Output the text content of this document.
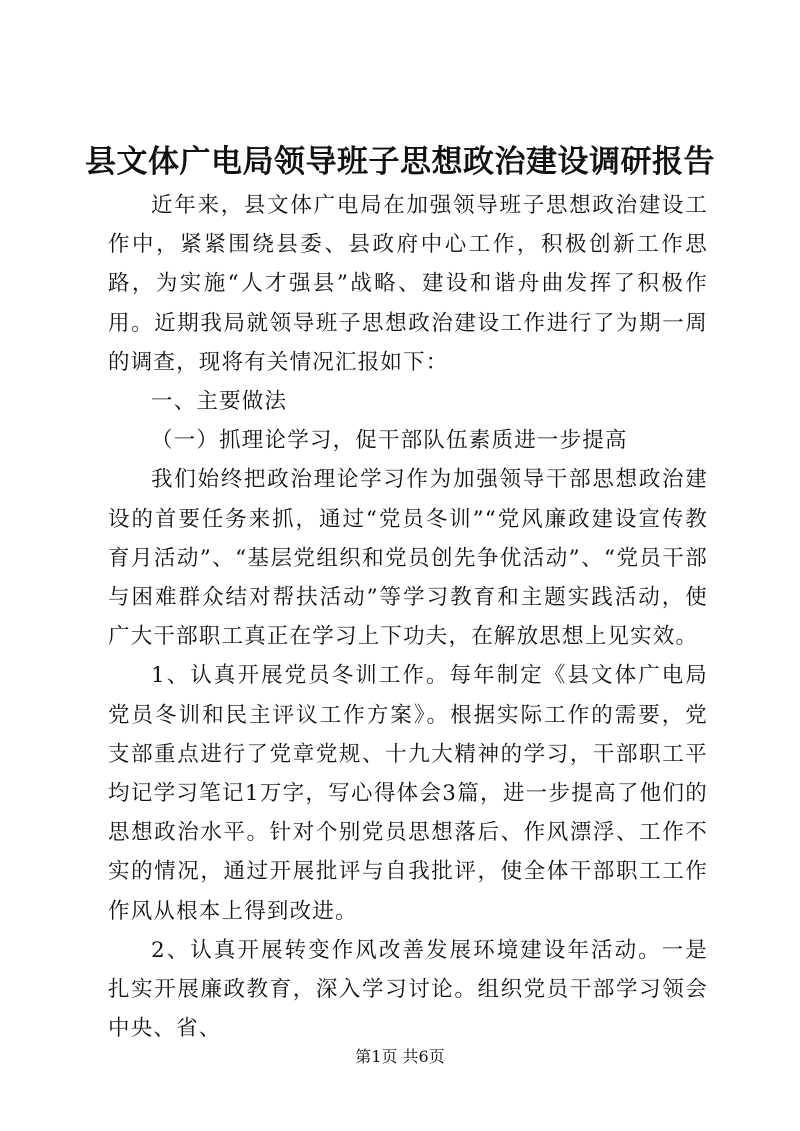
县文体广电局领导班子思想政治建设调研报告

近年来，县文体广电局在加强领导班子思想政治建设工作中，紧紧围绕县委、县政府中心工作，积极创新工作思路，为实施“人才强县”战略、建设和谐舟曲发挥了积极作用。近期我局就领导班子思想政治建设工作进行了为期一周的调查，现将有关情况汇报如下：

一、主要做法

（一）抓理论学习，促干部队伍素质进一步提高

我们始终把政治理论学习作为加强领导干部思想政治建设的首要任务来抓，通过“党员冬训”“党风廉政建设宣传教育月活动”、“基层党组织和党员创先争优活动”、“党员干部与困难群众结对帮扶活动”等学习教育和主题实践活动，使广大干部职工真正在学习上下功夫，在解放思想上见实效。

1、认真开展党员冬训工作。每年制定《县文体广电局党员冬训和民主评议工作方案》。根据实际工作的需要，党支部重点进行了党章党规、十九大精神的学习，干部职工平均记学习笔记1万字，写心得体会3篇，进一步提高了他们的思想政治水平。针对个别党员思想落后、作风漂浮、工作不实的情况，通过开展批评与自我批评，使全体干部职工工作作风从根本上得到改进。

2、认真开展转变作风改善发展环境建设年活动。一是扎实开展廉政教育，深入学习讨论。组织党员干部学习领会中央、省、

第1页 共6页
